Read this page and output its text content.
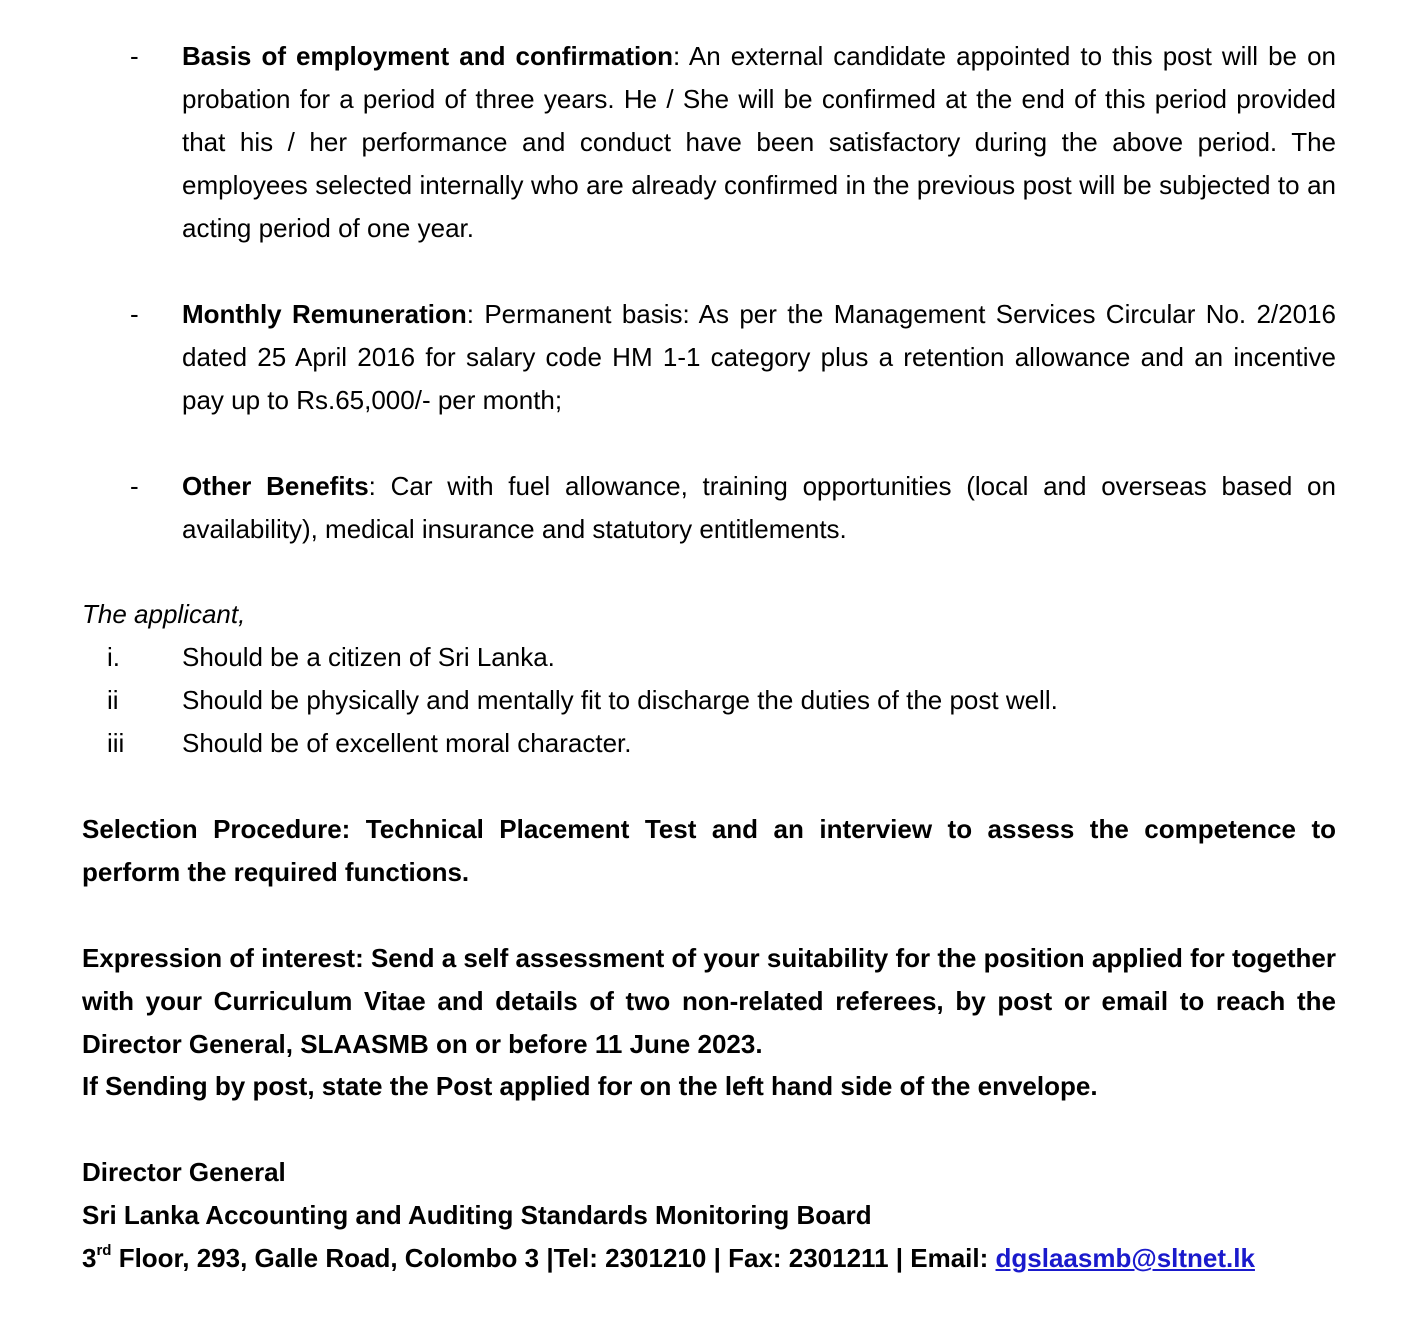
- Basis of employment and confirmation: An external candidate appointed to this post will be on probation for a period of three years. He / She will be confirmed at the end of this period provided that his / her performance and conduct have been satisfactory during the above period. The employees selected internally who are already confirmed in the previous post will be subjected to an acting period of one year.
- Monthly Remuneration: Permanent basis: As per the Management Services Circular No. 2/2016 dated 25 April 2016 for salary code HM 1-1 category plus a retention allowance and an incentive pay up to Rs.65,000/- per month;
- Other Benefits: Car with fuel allowance, training opportunities (local and overseas based on availability), medical insurance and statutory entitlements.
The applicant,
i. Should be a citizen of Sri Lanka.
ii Should be physically and mentally fit to discharge the duties of the post well.
iii Should be of excellent moral character.
Selection Procedure: Technical Placement Test and an interview to assess the competence to perform the required functions.
Expression of interest: Send a self assessment of your suitability for the position applied for together with your Curriculum Vitae and details of two non-related referees, by post or email to reach the Director General, SLAASMB on or before 11 June 2023.
If Sending by post, state the Post applied for on the left hand side of the envelope.
Director General
Sri Lanka Accounting and Auditing Standards Monitoring Board
3rd Floor, 293, Galle Road, Colombo 3 |Tel: 2301210 | Fax: 2301211 | Email: dgslaasmb@sltnet.lk
